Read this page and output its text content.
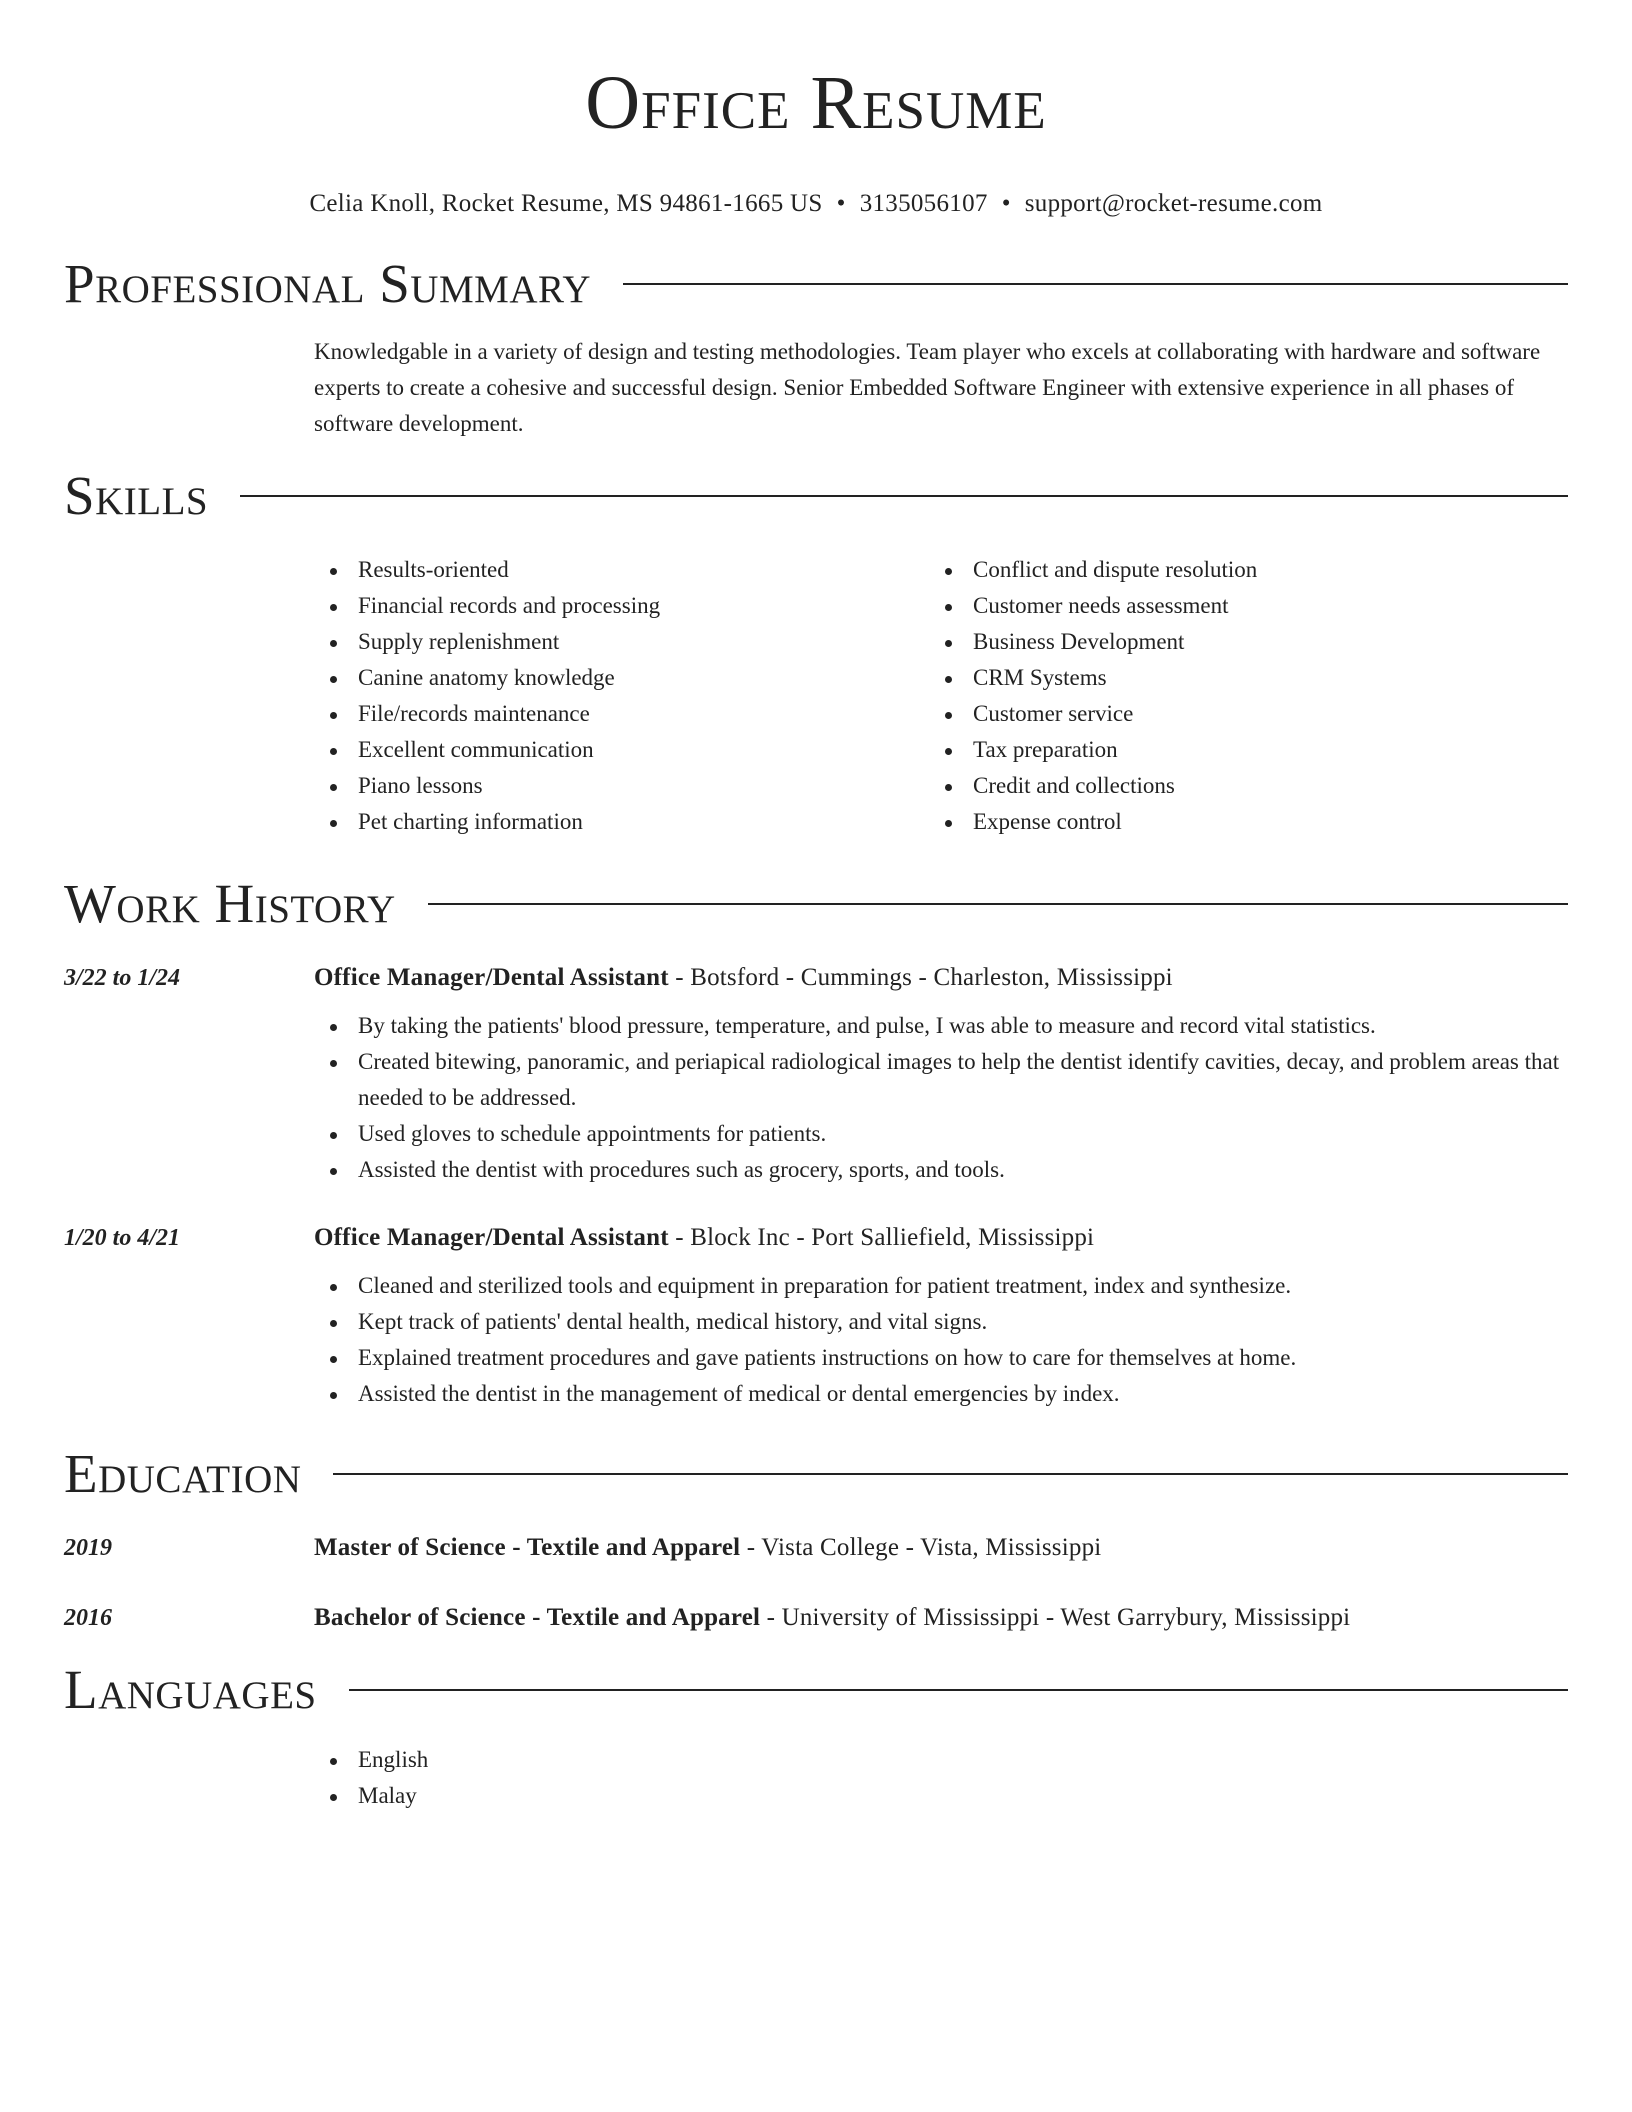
Office Resume
Celia Knoll, Rocket Resume, MS 94861-1665 US • 3135056107 • support@rocket-resume.com
Professional Summary

Knowledgable in a variety of design and testing methodologies. Team player who excels at collaborating with hardware and software experts to create a cohesive and successful design. Senior Embedded Software Engineer with extensive experience in all phases of software development.

Skills
Results-oriented
Financial records and processing
Supply replenishment
Canine anatomy knowledge
File/records maintenance
Excellent communication
Piano lessons
Pet charting information
Conflict and dispute resolution
Customer needs assessment
Business Development
CRM Systems
Customer service
Tax preparation
Credit and collections
Expense control
Work History
3/22 to 1/24	Office Manager/Dental Assistant - Botsford - Cummings - Charleston, Mississippi
By taking the patients' blood pressure, temperature, and pulse, I was able to measure and record vital statistics.
Created bitewing, panoramic, and periapical radiological images to help the dentist identify cavities, decay, and problem areas that needed to be addressed.
Used gloves to schedule appointments for patients.
Assisted the dentist with procedures such as grocery, sports, and tools.
1/20 to 4/21	Office Manager/Dental Assistant - Block Inc - Port Salliefield, Mississippi
Cleaned and sterilized tools and equipment in preparation for patient treatment, index and synthesize.
Kept track of patients' dental health, medical history, and vital signs.
Explained treatment procedures and gave patients instructions on how to care for themselves at home.
Assisted the dentist in the management of medical or dental emergencies by index.
Education
2019	Master of Science - Textile and Apparel - Vista College - Vista, Mississippi
2016	Bachelor of Science - Textile and Apparel - University of Mississippi - West Garrybury, Mississippi
Languages
English
Malay
